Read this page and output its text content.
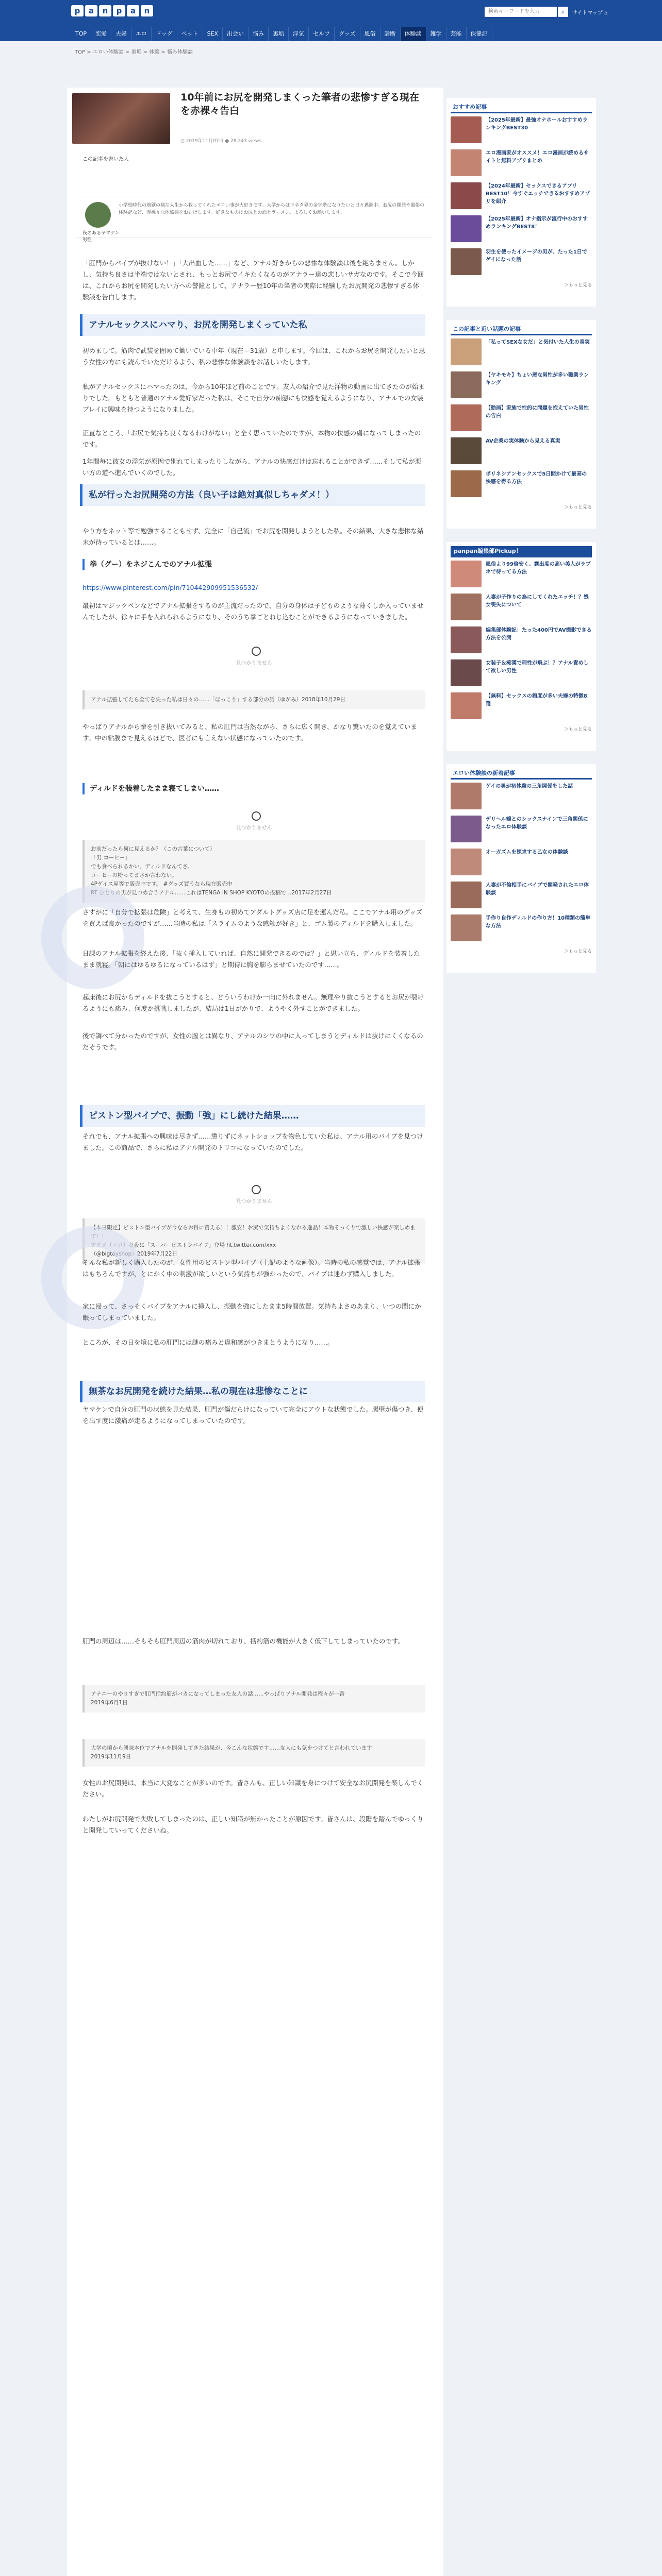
p	a	n	p	a	n	検索キーワードを入力	⌕	サイトマップ ⌂
TOP	恋愛	夫婦	エロ	ドッグ	ペット	SEX	出会い	悩み	裏垢	浮気	セルフ	グッズ	風俗	診断	体験談	雑学	芸能	保健記
TOP > エロい体験談 > 裏垢 > 体験 > 悩み体験談
10年前にお尻を開発しまくった筆者の悲惨すぎる現在を赤裸々告白
◷ 2019年11月07日 ● 28,243 views
この記事を書いた人
小学校時代の地獄の様な人生から救ってくれたエロい事が大好きです。大学からは下ネタ界の金字塔になりたいと日々邁進中。お尻の開発や風俗の体験記など、赤裸々な体験談をお届けします。好きなものはお尻とお酒とラーメン。よろしくお願いします。
夜のあるヤマケン
男性
「肛門からバイブが抜けない！」「大出血した……」など、アナル好きからの悲惨な体験談は後を絶ちません。しかし、気持ち良さは半端ではないとされ、もっとお尻でイキたくなるのがアナラー達の悲しいサガなのです。そこで今回は、これからお尻を開発したい方への警鐘として、アナラー歴10年の筆者の実際に経験したお尻開発の悲惨すぎる体験談を告白します。
アナルセックスにハマり、お尻を開発しまくっていた私
初めまして。筋肉で武装を固めて働いている中年（現在＝31歳）と申します。今回は、これからお尻を開発したいと思う女性の方にも読んでいただけるよう、私の悲惨な体験談をお話しいたします。
私がアナルセックスにハマったのは、今から10年ほど前のことです。友人の紹介で見た洋物の動画に出てきたのが始まりでした。もともと普通のアナル愛好家だった私は、そこで自分の痴態にも快感を覚えるようになり、アナルでの女装プレイに興味を持つようになりました。
正直なところ、「お尻で気持ち良くなるわけがない」と全く思っていたのですが、本物の快感の虜になってしまったのです。
1年間毎に彼女の浮気が原因で別れてしまったりしながら、アナルの快感だけは忘れることができず……そして私が悪い方の道へ進んでいくのでした。
私が行ったお尻開発の方法（良い子は絶対真似しちゃダメ！）
やり方をネット等で勉強することもせず、完全に「自己流」でお尻を開発しようとした私。その結果、大きな悲惨な結末が待っているとは……。
拳（グー）をネジこんでのアナル拡張
https://www.pinterest.com/pin/710442909951536532/
最初はマジックペンなどでアナル拡張をするのが主流だったので、自分の身体は子どものような薄くしか入っていませんでしたが、徐々に手を入れられるようになり、そのうち拳ごとねじ込むことができるようになっていきました。
見つかりません
アナル拡張してたら全てを失った私は日々の……「ほっこり」する部分の話（ゆがみ）2018年10月29日
やっぱりアナルから拳を引き抜いてみると、私の肛門は当然ながら、さらに広く開き、かなり驚いたのを覚えています。中の粘膜まで見えるほどで、医者にも言えない状態になっていたのです。
ディルドを装着したまま寝てしまい……
見つかりません
お前だったら何に見えるか？（この言葉について）
「男 コーヒー」
でも食べられるかい、ディルドなんてさ。
コーヒーの粉ってまさか言わない。
4Pゲイス屋等で販売中です。 #グッズ買うなら現在販売中
RT ひとりの男が見つめ合うアナル……これはTENGA IN SHOP KYOTOの投稿で…2017年2月27日
さすがに「自分で拡張は危険」と考えて、生身もの初めてアダルトグッズ店に足を運んだ私。ここでアナル用のグッズを買えば良かったのですが……当時の私は「スライムのような感触が好き」と、ゴム製のディルドを購入しました。
日課のアナル拡張を終えた後、「抜く挿入していれば、自然に開発できるのでは？」と思い立ち、ディルドを装着したまま就寝。「朝にはゆるゆるになっているはず」と期待に胸を膨らませていたのです……。
起床後にお尻からディルドを抜こうとすると、どういうわけか一向に外れません。無理やり抜こうとするとお尻が裂けるようにも痛み、何度か挑戦しましたが、結局は1日がかりで、ようやく外すことができました。
後で調べて分かったのですが、女性の膣とは異なり、アナルのシワの中に入ってしまうとディルドは抜けにくくなるのだそうです。
ピストン型バイブで、振動「強」にし続けた結果……
それでも、アナル拡張への興味は尽きず……懲りずにネットショップを物色していた私は、アナル用のバイブを見つけました。この商品で、さらに私はアナル開発のトリコになっていたのでした。
見つかりません
【本日限定】ピストン型バイブが今ならお得に買える！！激安！お尻で気持ちよくなれる逸品！本物そっくりで激しい快感が楽しめます！！
アクメ（エロ）な夜に「スーパーピストンバイブ」登場 ht.twitter.com/xxx
（@bigtoyshop）2019年7月22日
そんな私が新しく購入したのが、女性用のピストン型バイブ（上記のような画像）。当時の私の感覚では、アナル拡張はもちろんですが、とにかく中の刺激が欲しいという気持ちが強かったので、バイブは迷わず購入しました。
家に帰って、さっそくバイブをアナルに挿入し、振動を強にしたまま5時間放置。気持ちよさのあまり、いつの間にか眠ってしまっていました。
ところが、その日を境に私の肛門には謎の痛みと違和感がつきまとうようになり……。
無茶なお尻開発を続けた結果…私の現在は悲惨なことに
ヤマケンで自分の肛門の状態を見た結果、肛門が傷だらけになっていて完全にアウトな状態でした。腸壁が傷つき、便を出す度に激痛が走るようになってしまっていたのです。
肛門の周辺は……そもそも肛門周辺の筋肉が切れており、括約筋の機能が大きく低下してしまっていたのです。
アナニーのやりすぎで肛門括約筋がバカになってしまった友人の話……やっぱりアナル開発は程々が一番
2019年6月1日
大学の頃から興味本位でアナルを開発してきた結果が、今こんな状態です……友人にも気をつけてと言われています
2019年11月9日
女性のお尻開発は、本当に大変なことが多いのです。皆さんも、正しい知識を身につけて安全なお尻開発を楽しんでください。
わたしがお尻開発で失敗してしまったのは、正しい知識が無かったことが原因です。皆さんは、段階を踏んでゆっくりと開発していってくださいね。
おすすめ記事
【2025年最新】最強オナホールおすすめランキングBEST30
エロ漫画家がオススメ！エロ漫画が読めるサイトと無料アプリまとめ
【2024年最新】セックスできるアプリBEST10！今すぐエッチできるおすすめアプリを紹介
【2025年最新】オナ指示が流行中のおすすめランキングBEST8！
羽生を使ったイメージの男が、たった1日でゲイになった話
＞もっと見る
この記事と近い話題の記事
「私ってSEXな女だ」と気付いた人生の真実
【ヤキモキ】ちょい悪な男性が多い職業ランキング
【動画】家族で性的に問題を抱えていた男性の告白
AV企業の実体験から見える真実
ポリネシアンセックスで5日間かけて最高の快感を得る方法
＞もっと見る
panpan編集部Pickup！
風俗より99倍安く、露出度の高い美人がラブホで待ってる方法
人妻が子作りの為にしてくれたエッチ！？処女喪失について
編集部体験記：たった400円でAV撮影できる方法を公開
女装子＆痴漢で理性が飛ぶ！？アナル責めして欲しい男性
【無料】セックスの頻度が多い夫婦の特徴8選
＞もっと見る
エロい体験談の新着記事
ゲイの男が初体験の三角関係をした話
デリヘル嬢とのシックスナインで三角関係になったエロ体験談
オーガズムを探求する乙女の体験談
人妻が不倫相手にバイブで開発されたエロ体験談
手作り自作ディルドの作り方！10種類の簡単な方法
＞もっと見る
